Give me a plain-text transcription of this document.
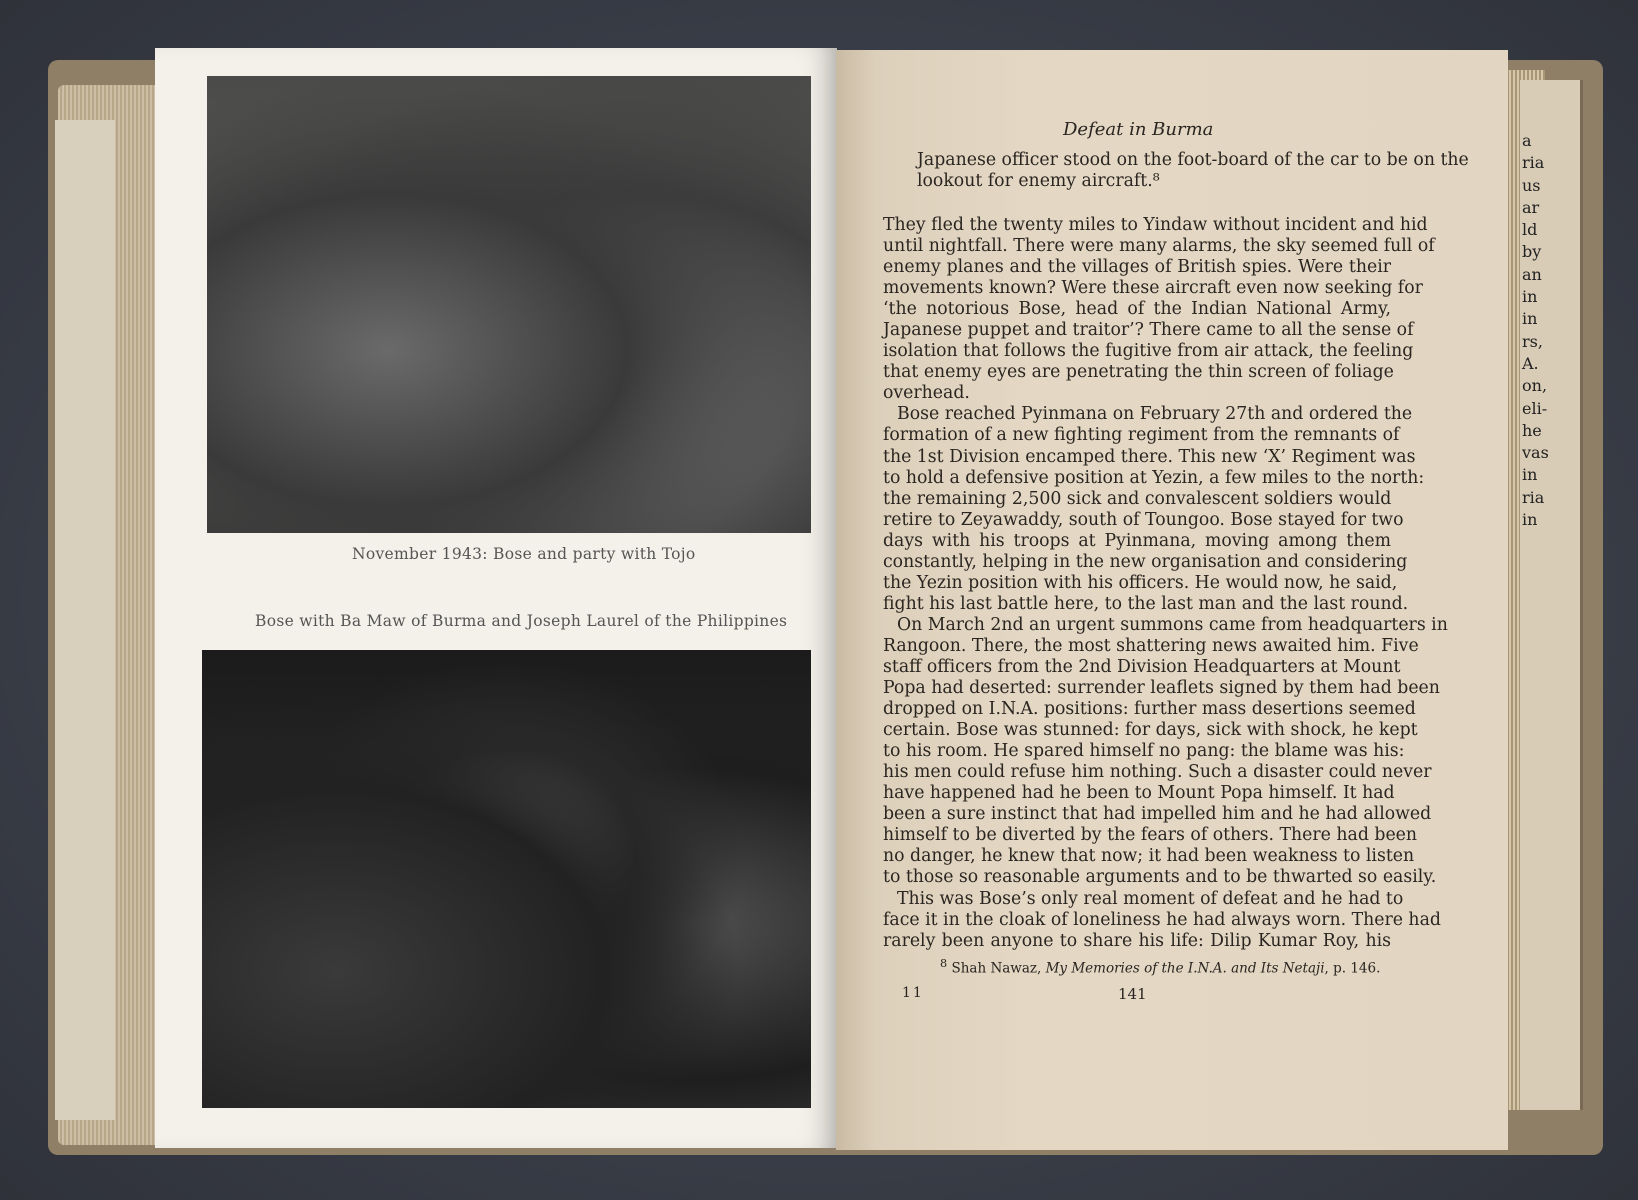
a
ria
us
ar
ld
by
an
in
in
rs,
A.
on,
eli-
he
vas
in
ria
in
November 1943: Bose and party with Tojo
Bose with Ba Maw of Burma and Joseph Laurel of the Philippines
Defeat in Burma
Japanese officer stood on the foot-board of the car to be on the
lookout for enemy aircraft.⁸
They fled the twenty miles to Yindaw without incident and hid
until nightfall. There were many alarms, the sky seemed full of
enemy planes and the villages of British spies. Were their
movements known? Were these aircraft even now seeking for
‘the notorious Bose, head of the Indian National Army,
Japanese puppet and traitor’? There came to all the sense of
isolation that follows the fugitive from air attack, the feeling
that enemy eyes are penetrating the thin screen of foliage
overhead.
Bose reached Pyinmana on February 27th and ordered the
formation of a new fighting regiment from the remnants of
the 1st Division encamped there. This new ‘X’ Regiment was
to hold a defensive position at Yezin, a few miles to the north:
the remaining 2,500 sick and convalescent soldiers would
retire to Zeyawaddy, south of Toungoo. Bose stayed for two
days with his troops at Pyinmana, moving among them
constantly, helping in the new organisation and considering
the Yezin position with his officers. He would now, he said,
fight his last battle here, to the last man and the last round.
On March 2nd an urgent summons came from headquarters in
Rangoon. There, the most shattering news awaited him. Five
staff officers from the 2nd Division Headquarters at Mount
Popa had deserted: surrender leaflets signed by them had been
dropped on I.N.A. positions: further mass desertions seemed
certain. Bose was stunned: for days, sick with shock, he kept
to his room. He spared himself no pang: the blame was his:
his men could refuse him nothing. Such a disaster could never
have happened had he been to Mount Popa himself. It had
been a sure instinct that had impelled him and he had allowed
himself to be diverted by the fears of others. There had been
no danger, he knew that now; it had been weakness to listen
to those so reasonable arguments and to be thwarted so easily.
This was Bose’s only real moment of defeat and he had to
face it in the cloak of loneliness he had always worn. There had
rarely been anyone to share his life: Dilip Kumar Roy, his
$^8$ Shah Nawaz, My Memories of the I.N.A. and Its Netaji, p. 146.
11	141
